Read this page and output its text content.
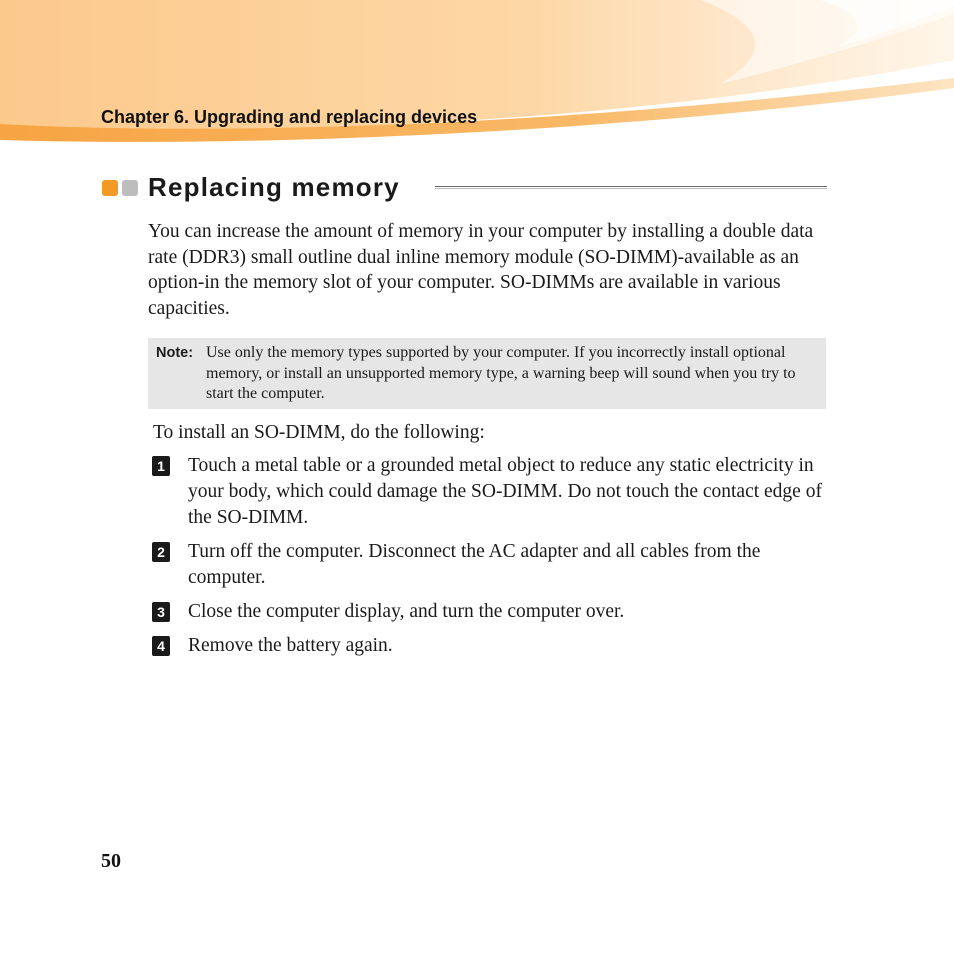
Chapter 6. Upgrading and replacing devices
Replacing memory
You can increase the amount of memory in your computer by installing a double data rate (DDR3) small outline dual inline memory module (SO-DIMM)-available as an option-in the memory slot of your computer. SO-DIMMs are available in various capacities.
Note: Use only the memory types supported by your computer. If you incorrectly install optional memory, or install an unsupported memory type, a warning beep will sound when you try to start the computer.
To install an SO-DIMM, do the following:
1 Touch a metal table or a grounded metal object to reduce any static electricity in your body, which could damage the SO-DIMM. Do not touch the contact edge of the SO-DIMM.
2 Turn off the computer. Disconnect the AC adapter and all cables from the computer.
3 Close the computer display, and turn the computer over.
4 Remove the battery again.
50
